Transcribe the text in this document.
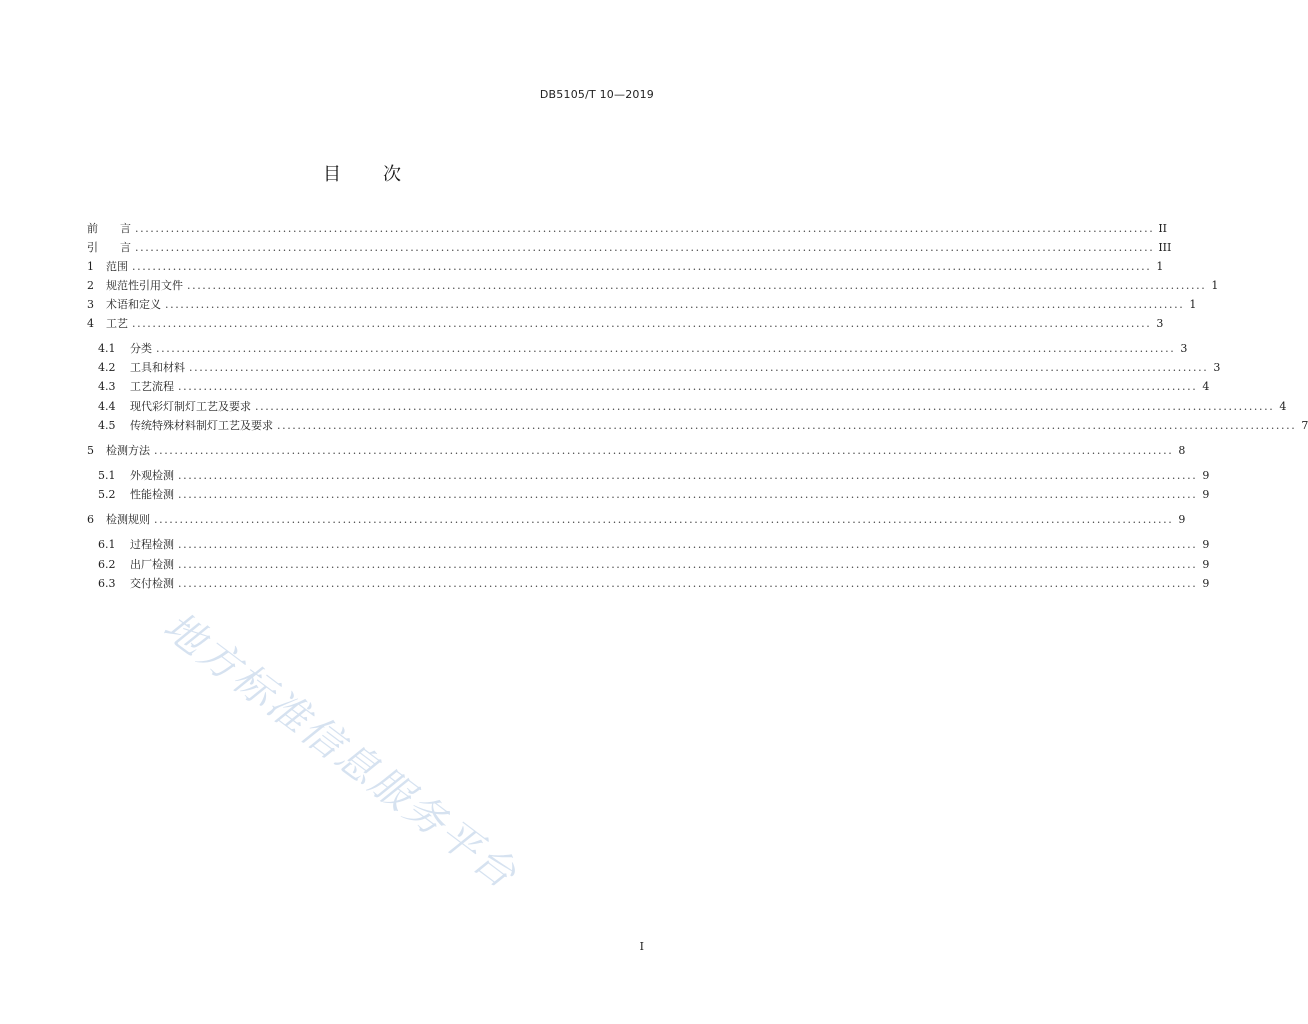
DB5105/T 10—2019
目 次
前　　言 ........................................................................................................................................................................................................ II
引　　言 ........................................................................................................................................................................................................ III
1	范围 ........................................................................................................................................................................................................ 1
2	规范性引用文件 ........................................................................................................................................................................................................ 1
3	术语和定义 ........................................................................................................................................................................................................ 1
4	工艺 ........................................................................................................................................................................................................ 3
4.1	分类 ........................................................................................................................................................................................................ 3
4.2	工具和材料 ........................................................................................................................................................................................................ 3
4.3	工艺流程 ........................................................................................................................................................................................................ 4
4.4	现代彩灯制灯工艺及要求 ........................................................................................................................................................................................................ 4
4.5	传统特殊材料制灯工艺及要求 ........................................................................................................................................................................................................ 7
5	检测方法 ........................................................................................................................................................................................................ 8
5.1	外观检测 ........................................................................................................................................................................................................ 9
5.2	性能检测 ........................................................................................................................................................................................................ 9
6	检测规则 ........................................................................................................................................................................................................ 9
6.1	过程检测 ........................................................................................................................................................................................................ 9
6.2	出厂检测 ........................................................................................................................................................................................................ 9
6.3	交付检测 ........................................................................................................................................................................................................ 9
地方标准信息服务平台
I
